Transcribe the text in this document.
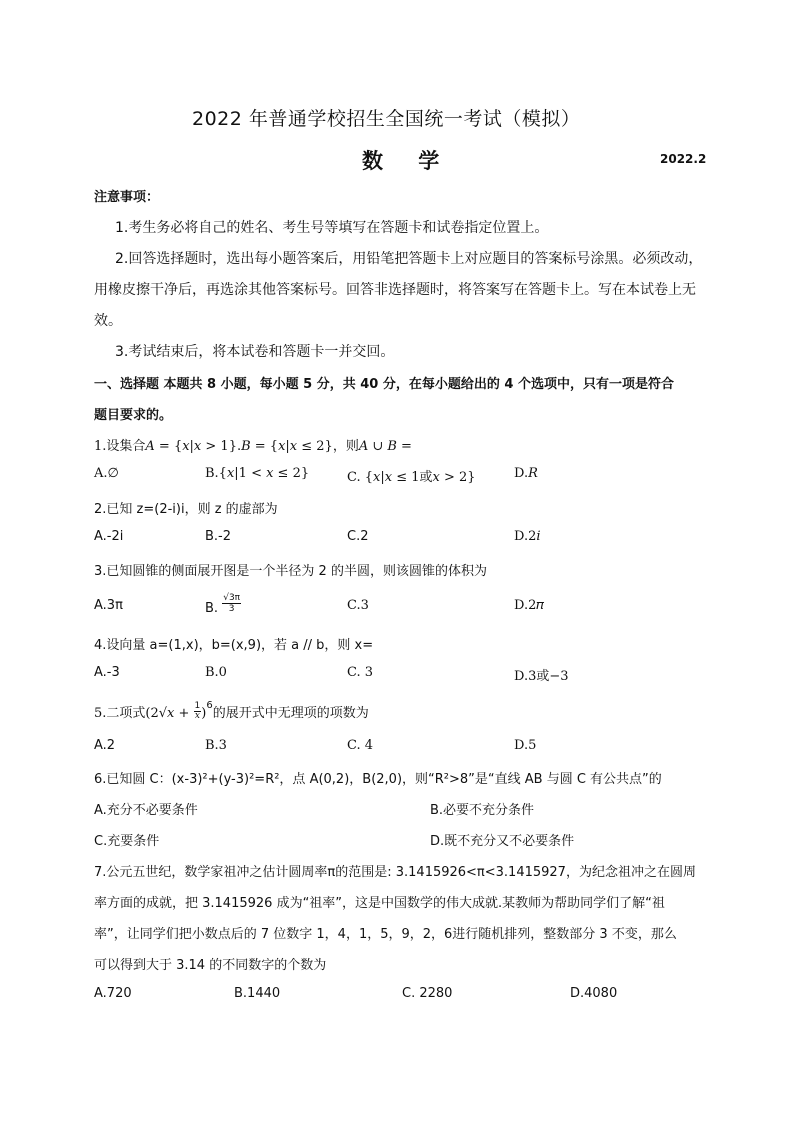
2022 年普通学校招生全国统一考试（模拟）
数 学	2022.2
注意事项：
1.考生务必将自己的姓名、考生号等填写在答题卡和试卷指定位置上。
2.回答选择题时，选出每小题答案后，用铅笔把答题卡上对应题目的答案标号涂黑。必须改动，
用橡皮擦干净后，再选涂其他答案标号。回答非选择题时，将答案写在答题卡上。写在本试卷上无
效。
3.考试结束后，将本试卷和答题卡一并交回。
一、选择题 本题共 8 小题，每小题 5 分，共 40 分，在每小题给出的 4 个选项中，只有一项是符合
题目要求的。
1.设集合𝐴 = {𝑥|𝑥 > 1}.𝐵 = {𝑥|𝑥 ≤ 2}，则𝐴 ∪ 𝐵 =
A.∅	B.{𝑥|1 < 𝑥 ≤ 2}	C. {𝑥|𝑥 ≤ 1或𝑥 > 2}	D.𝑅
2.已知 z=(2-i)i，则 z 的虚部为
A.-2i	B.-2	C.2	D.2𝑖
3.已知圆锥的侧面展开图是一个半径为 2 的半圆，则该圆锥的体积为
A.3π	B. $\frac{√3\pi}{3}$	C.3	D.2𝜋
4.设向量 a=(1,x)，b=(x,9)，若 a // b，则 x=
A.-3	B.0	C. 3	D.3或−3
5.二项式(2√𝑥 + 1
𝑥 )$^6$的展开式中无理项的项数为
A.2	B.3	C. 4	D.5
6.已知圆 C：(x-3)²+(y-3)²=R²，点 A(0,2)，B(2,0)，则“R²>8”是“直线 AB 与圆 C 有公共点”的
A.充分不必要条件	B.必要不充分条件
C.充要条件	D.既不充分又不必要条件
7.公元五世纪，数学家祖冲之估计圆周率π的范围是: 3.1415926<π<3.1415927，为纪念祖冲之在圆周
率方面的成就，把 3.1415926 成为“祖率”，这是中国数学的伟大成就.某教师为帮助同学们了解“祖
率”，让同学们把小数点后的 7 位数字 1，4，1，5，9，2，6进行随机排列，整数部分 3 不变，那么
可以得到大于 3.14 的不同数字的个数为
A.720	B.1440	C. 2280	D.4080
